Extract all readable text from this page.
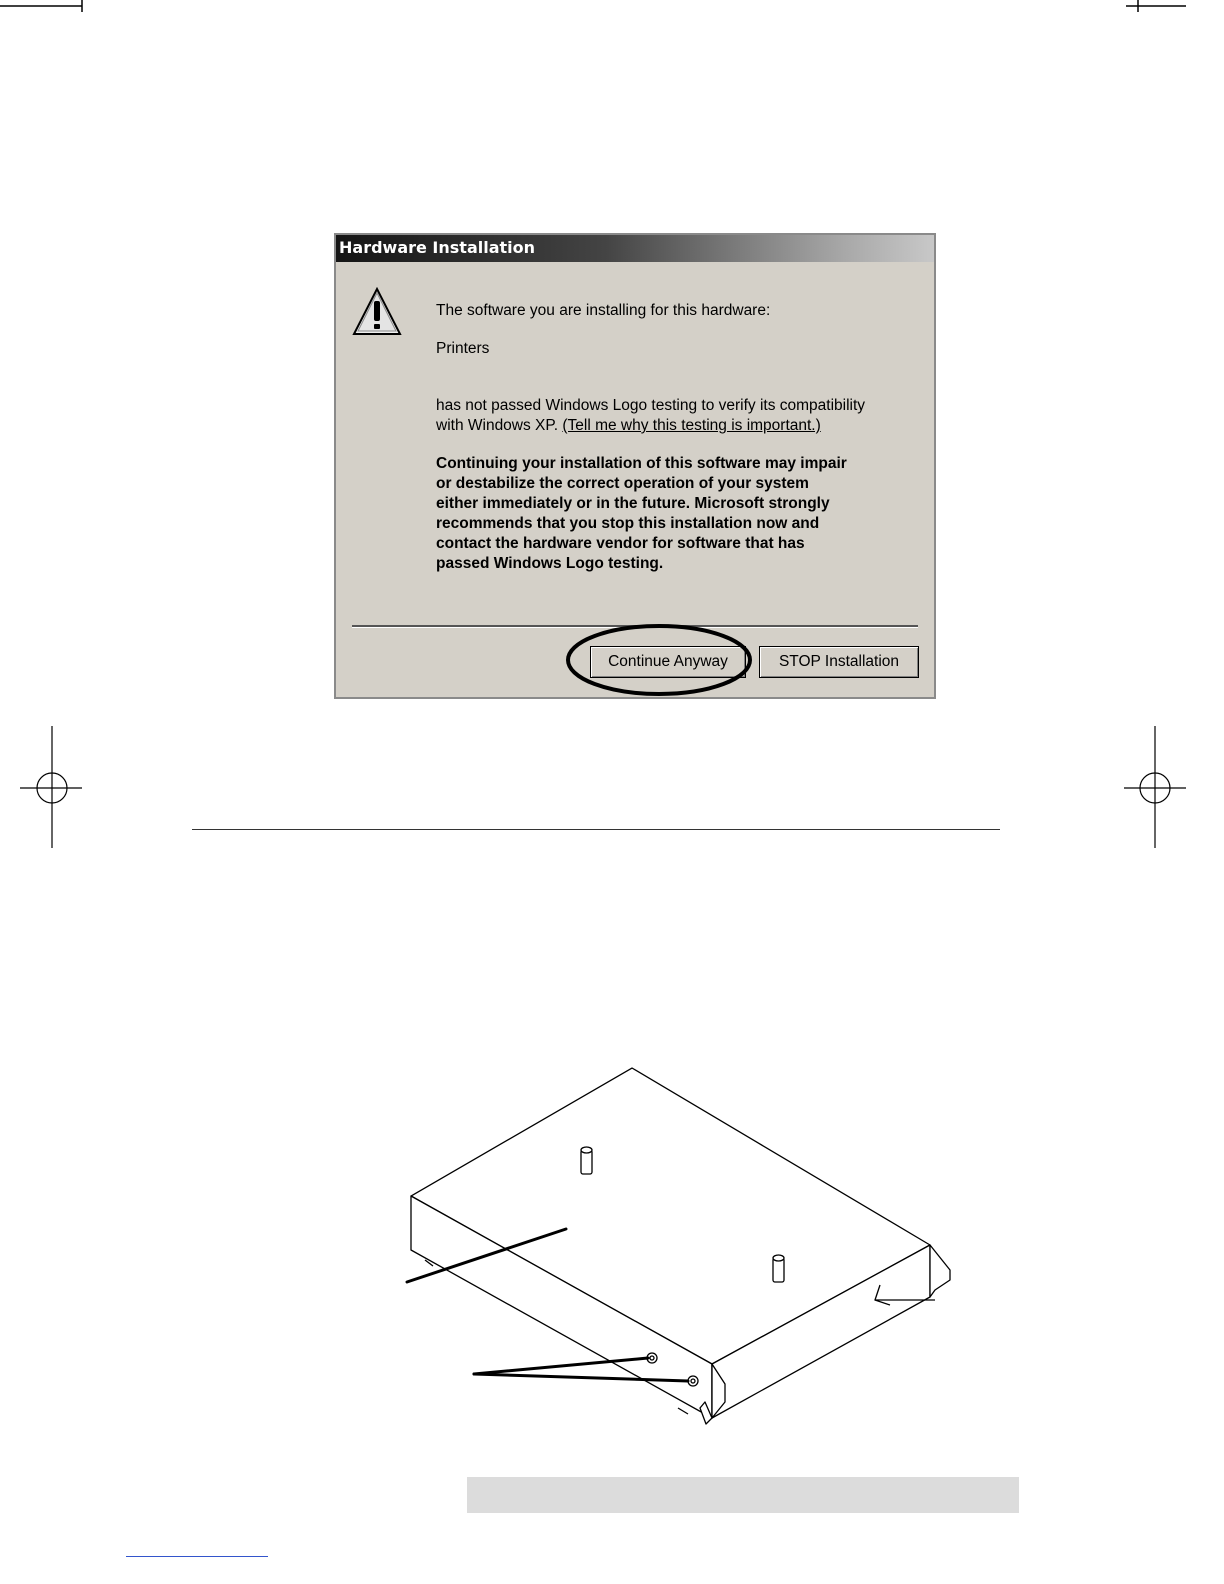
Hardware Installation
The software you are installing for this hardware:
Printers
has not passed Windows Logo testing to verify its compatibility
with Windows XP. (Tell me why this testing is important.)
Continuing your installation of this software may impair
or destabilize the correct operation of your system
either immediately or in the future. Microsoft strongly
recommends that you stop this installation now and
contact the hardware vendor for software that has
passed Windows Logo testing.
Continue Anyway	STOP Installation
